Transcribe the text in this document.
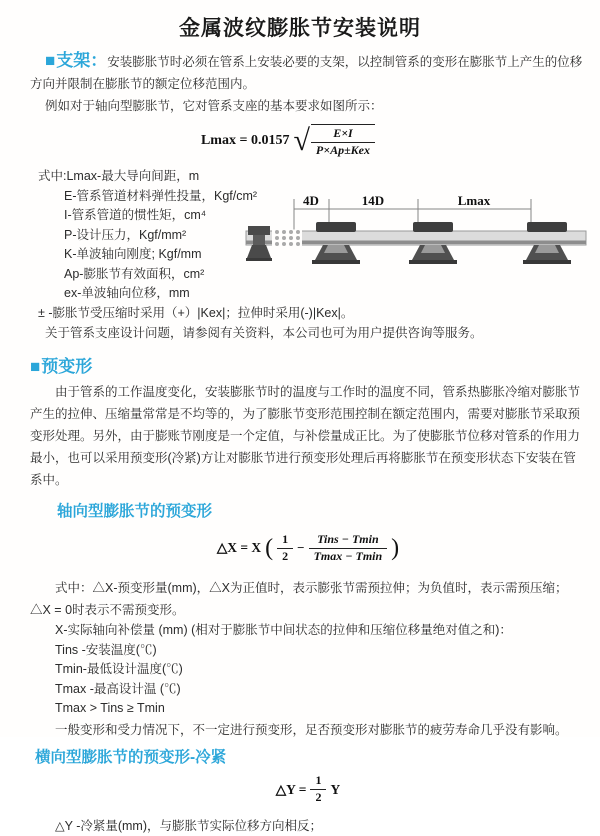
金属波纹膨胀节安装说明

■支架：安装膨胀节时必须在管系上安装必要的支架，以控制管系的变形在膨胀节上产生的位移方向并限制在膨胀节的额定位移范围内。

例如对于轴向型膨胀节，它对管系支座的基本要求如图所示：

Lmax = 0.0157 √ $\frac{E\times I}{\text{P×Ap±Kex}}$
式中:Lmax-最大导向间距，m
E-管系管道材料弹性投量，Kgf/cm²
I-管系管道的惯性矩，cm⁴
P-设计压力，Kgf/mm²
K-单波轴向刚度; Kgf/mm
Ap-膨胀节有效面积，cm²
ex-单波轴向位移，mm
4D	14D	Lmax

± -膨胀节受压缩时采用（+）|Kex|；拉伸时采用(-)|Kex|。

关于管系支座设计问题，请参阅有关资料，本公司也可为用户提供咨询等服务。

■预变形

由于管系的工作温度变化，安装膨胀节时的温度与工作时的温度不同，管系热膨胀冷缩对膨胀节产生的拉伸、压缩量常常是不均等的，为了膨胀节变形范围控制在额定范围内，需要对膨胀节采取预变形处理。另外，由于膨账节刚度是一个定值，与补偿量成正比。为了使膨胀节位移对管系的作用力最小，也可以采用预变形(冷紧)方让对膨胀节进行预变形处理后再将膨胀节在预变形状态下安装在管系中。

轴向型膨胀节的预变形
△X = X ( $\frac{1}{2} - \frac{\text{Tins − Tmin}}{Tmax - Tmin}$ )

式中：△X-预变形量(mm)，△X为正值时，表示膨张节需预拉伸；为负值时，表示需预压缩；△X = 0时表示不需预变形。

X-实际轴向补偿量 (mm) (相对于膨胀节中间状态的拉伸和压缩位移量绝对值之和)：

Tins -安装温度(℃)
Tmin-最低设计温度(℃)
Tmax -最高设计温 (℃)
Tmax > Tins ≥ Tmin

一般变形和受力情况下，不一定进行预变形，足否预变形对膨胀节的疲劳寿命几乎没有影响。

横向型膨胀节的预变形-冷紧
△Y = $\frac{1}{2}$ Y

△Y -冷紧量(mm)，与膨胀节实际位移方向相反；
